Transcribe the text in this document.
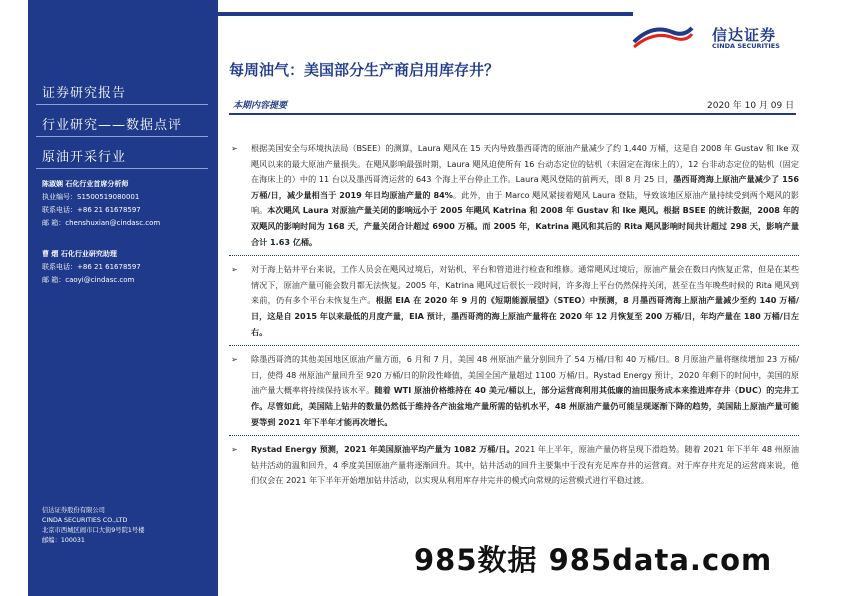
证券研究报告
行业研究——数据点评
原油开采行业
陈淑娴 石化行业首席分析师
执业编号：S1500519080001
联系电话：+86 21 61678597
邮 箱：chenshuxian@cindasc.com
曹 熠 石化行业研究助理
联系电话：+86 21 61678597
邮 箱：caoyi@cindasc.com
信达证券股份有限公司
CINDA SECURITIES CO.,LTD
北京市西城区闹市口大街9号院1号楼
邮编：100031
信达证券
CINDA SECURITIES
每周油气：美国部分生产商启用库存井？
本期内容提要	2020 年 10 月 09 日
➢ 根据美国安全与环境执法局（BSEE）的测算，Laura 飓风在 15 天内导致墨西哥湾的原油产量减少了约 1,440 万桶，这是自 2008 年 Gustav 和 Ike 双飓风以来的最大原油产量损失。在飓风影响最强时期，Laura 飓风迫使所有 16 台动态定位的钻机（未固定在海床上的），12 台非动态定位的钻机（固定在海床上的）中的 11 台以及墨西哥湾运营的 643 个海上平台停止工作。Laura 飓风登陆的前两天，即 8 月 25 日，墨西哥湾海上原油产量减少了 156 万桶/日，减少量相当于 2019 年日均原油产量的 84%。此外，由于 Marco 飓风紧接着飓风 Laura 登陆，导致该地区原油产量持续受到两个飓风的影响。本次飓风 Laura 对原油产量关闭的影响远小于 2005 年飓风 Katrina 和 2008 年 Gustav 和 Ike 飓风。根据 BSEE 的统计数据，2008 年的双飓风的影响时间为 168 天，产量关闭合计超过 6900 万桶。而 2005 年，Katrina 飓风和其后的 Rita 飓风影响时间共计超过 298 天，影响产量合计 1.63 亿桶。
➢ 对于海上钻井平台来说，工作人员会在飓风过境后，对钻机、平台和管道进行检查和维修。通常飓风过境后，原油产量会在数日内恢复正常，但是在某些情况下，原油产量可能会数月都无法恢复。2005 年，Katrina 飓风过后很长一段时间，许多海上平台仍然保持关闭，甚至在当年晚些时候的 Rita 飓风到来前，仍有多个平台未恢复生产。根据 EIA 在 2020 年 9 月的《短期能源展望》（STEO）中预测，8 月墨西哥湾海上原油产量减少至约 140 万桶/日，这是自 2015 年以来最低的月度产量，EIA 预计，墨西哥湾的海上原油产量将在 2020 年 12 月恢复至 200 万桶/日，年均产量在 180 万桶/日左右。
➢ 除墨西哥湾的其他美国地区原油产量方面，6 月和 7 月，美国 48 州原油产量分别回升了 54 万桶/日和 40 万桶/日。8 月原油产量将继续增加 23 万桶/日，使得 48 州原油产量回升至 920 万桶/日的阶段性峰值，美国全国产量超过 1100 万桶/日。Rystad Energy 预计，2020 年剩下的时间中，美国的原油产量大概率将持续保持该水平。随着 WTI 原油价格维持在 40 美元/桶以上，部分运营商利用其低廉的油田服务成本来推进库存井（DUC）的完井工作。尽管如此，美国陆上钻井的数量仍然低于维持各产油盆地产量所需的钻机水平，48 州原油产量仍可能呈现逐渐下降的趋势，美国陆上原油产量可能要等到 2021 年下半年才能再次增长。
➢ Rystad Energy 预测，2021 年美国原油平均产量为 1082 万桶/日。2021 年上半年，原油产量仍将呈现下滑趋势。随着 2021 年下半年 48 州原油钻井活动的温和回升，4 季度美国原油产量将逐渐回升。其中，钻井活动的回升主要集中于没有充足库存井的运营商。对于库存井充足的运营商来说，他们仅会在 2021 年下半年开始增加钻井活动，以实现从利用库存井完井的模式向常规的运营模式进行平稳过渡。
985数据 985data.com
